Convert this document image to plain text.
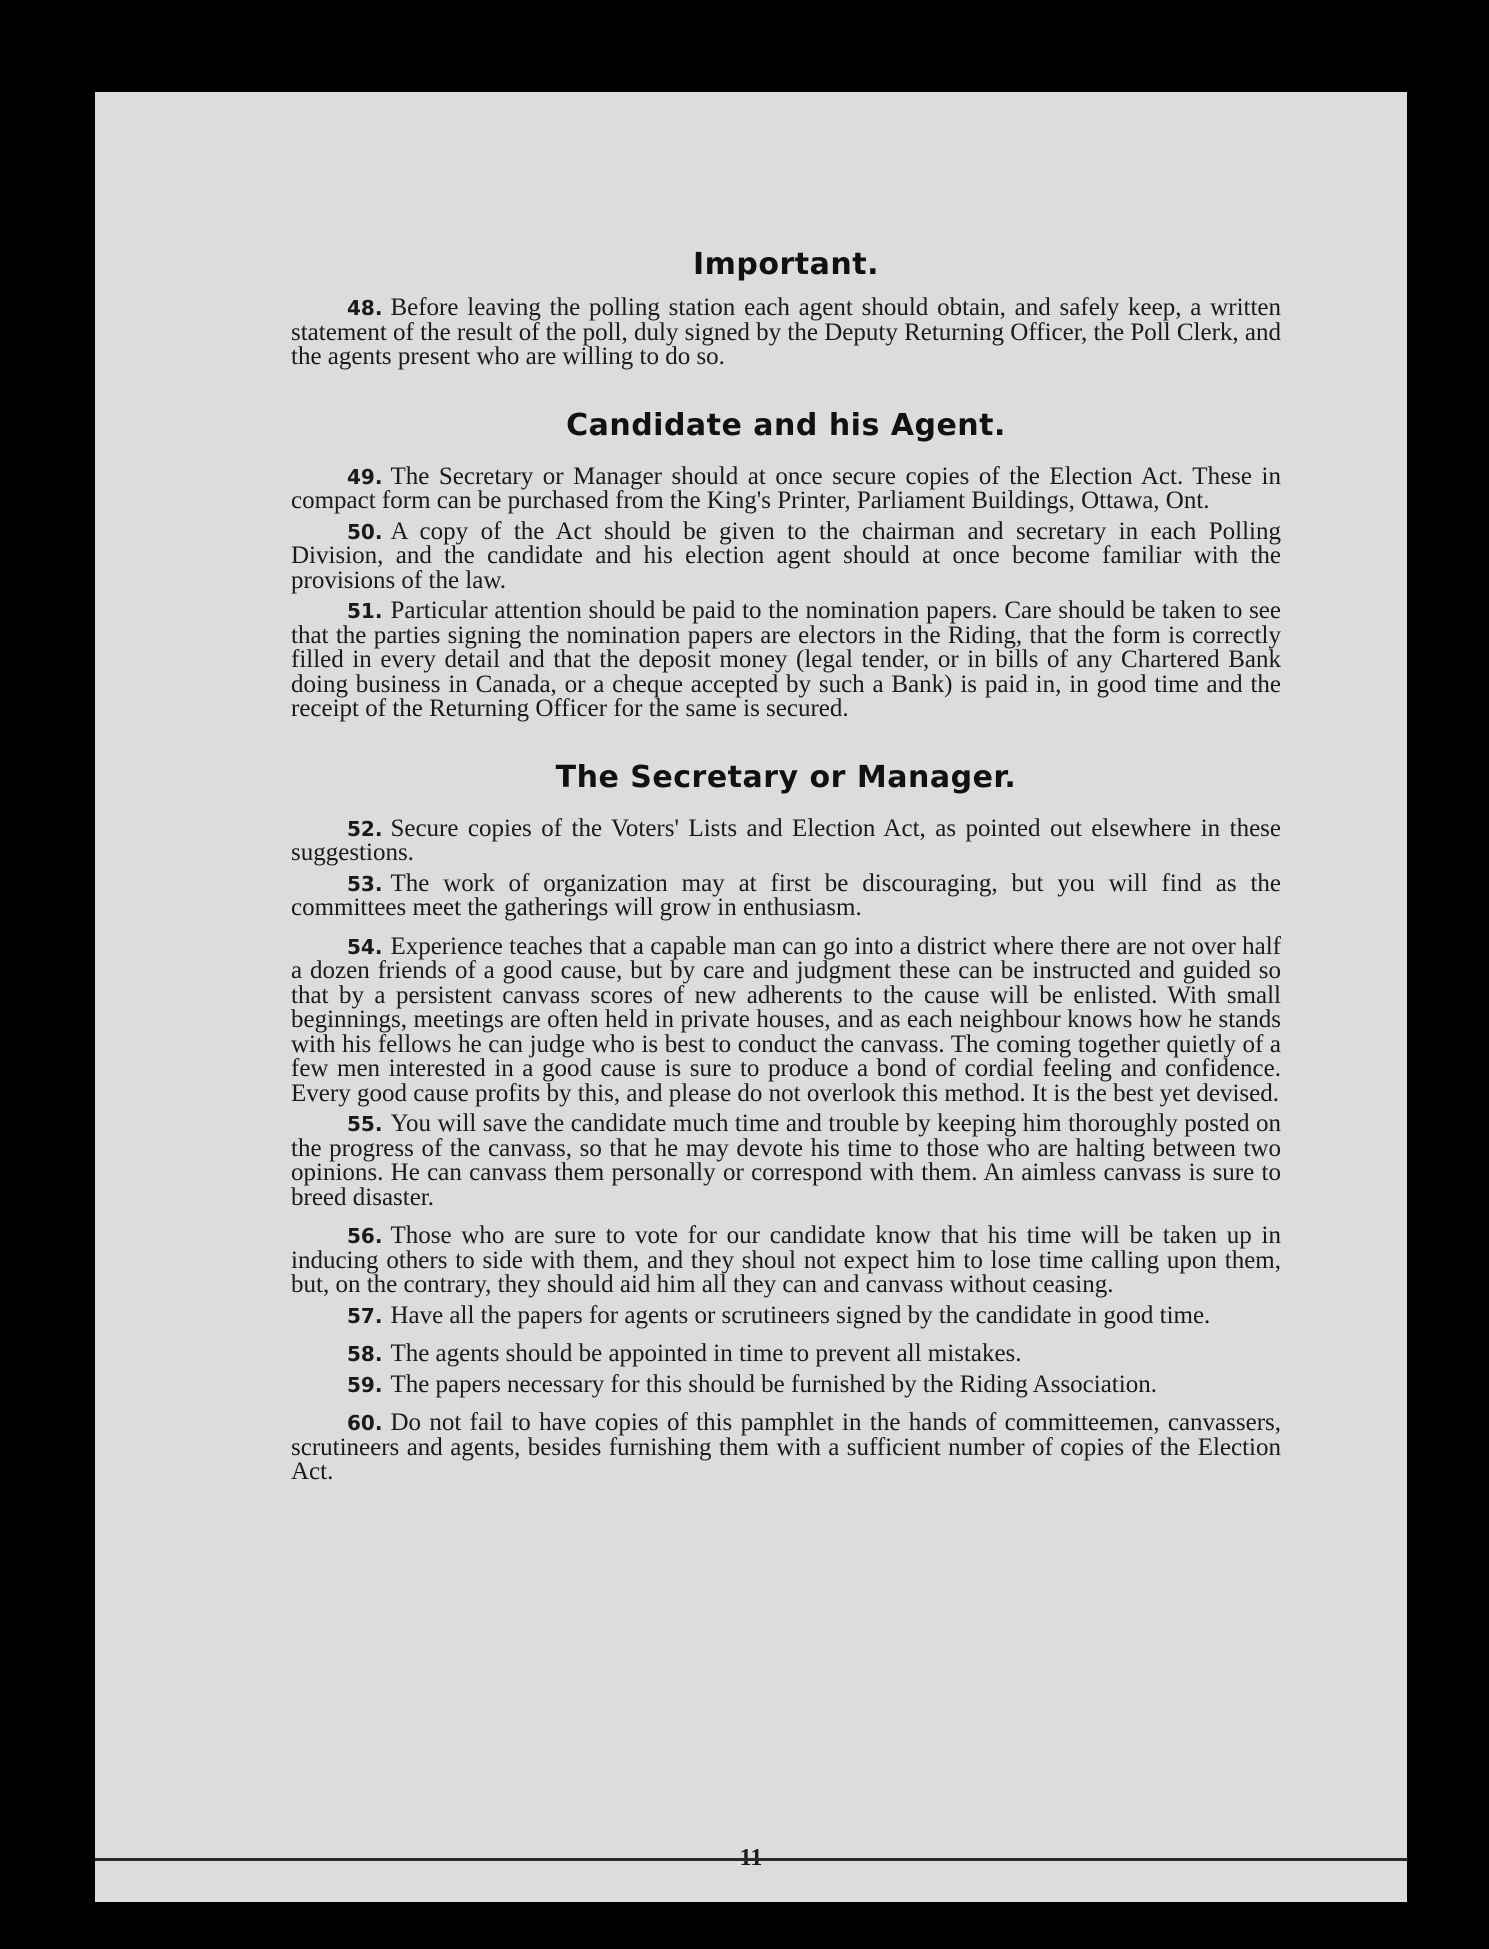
Important.

48. Before leaving the polling station each agent should obtain, and safely keep, a written statement of the result of the poll, duly signed by the Deputy Returning Officer, the Poll Clerk, and the agents present who are willing to do so.

Candidate and his Agent.

49. The Secretary or Manager should at once secure copies of the Election Act. These in compact form can be purchased from the King's Printer, Parliament Buildings, Ottawa, Ont.

50. A copy of the Act should be given to the chairman and secretary in each Polling Division, and the candidate and his election agent should at once become familiar with the provisions of the law.

51. Particular attention should be paid to the nomination papers. Care should be taken to see that the parties signing the nomination papers are electors in the Riding, that the form is correctly filled in every detail and that the deposit money (legal tender, or in bills of any Chartered Bank doing business in Canada, or a cheque accepted by such a Bank) is paid in, in good time and the receipt of the Returning Officer for the same is secured.

The Secretary or Manager.

52. Secure copies of the Voters' Lists and Election Act, as pointed out elsewhere in these suggestions.

53. The work of organization may at first be discouraging, but you will find as the committees meet the gatherings will grow in enthusiasm.

54. Experience teaches that a capable man can go into a district where there are not over half a dozen friends of a good cause, but by care and judgment these can be instructed and guided so that by a persistent canvass scores of new adherents to the cause will be enlisted. With small beginnings, meetings are often held in private houses, and as each neighbour knows how he stands with his fellows he can judge who is best to conduct the canvass. The coming together quietly of a few men interested in a good cause is sure to produce a bond of cordial feeling and confidence. Every good cause profits by this, and please do not overlook this method. It is the best yet devised.

55. You will save the candidate much time and trouble by keeping him thoroughly posted on the progress of the canvass, so that he may devote his time to those who are halting between two opinions. He can canvass them personally or correspond with them. An aimless canvass is sure to breed disaster.

56. Those who are sure to vote for our candidate know that his time will be taken up in inducing others to side with them, and they shoul not expect him to lose time calling upon them, but, on the contrary, they should aid him all they can and canvass without ceasing.

57. Have all the papers for agents or scrutineers signed by the candidate in good time.

58. The agents should be appointed in time to prevent all mistakes.

59. The papers necessary for this should be furnished by the Riding Association.

60. Do not fail to have copies of this pamphlet in the hands of committeemen, canvassers, scrutineers and agents, besides furnishing them with a sufficient number of copies of the Election Act.
